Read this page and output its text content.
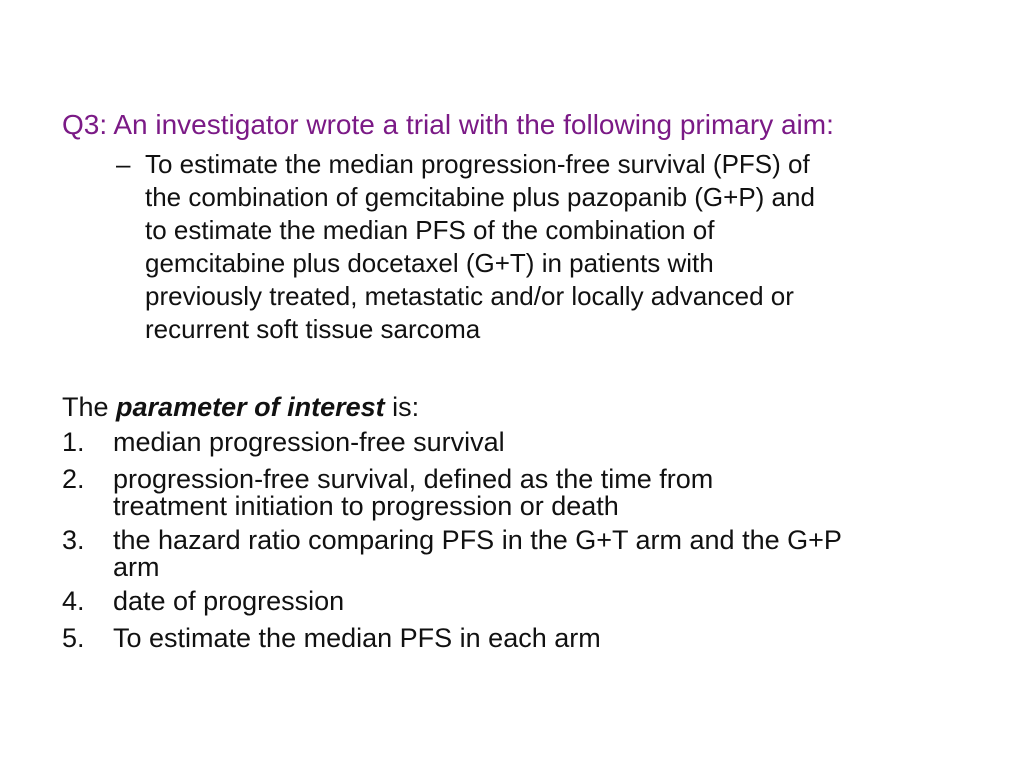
Q3: An investigator wrote a trial with the following primary aim:
– To estimate the median progression-free survival (PFS) of
the combination of gemcitabine plus pazopanib (G+P) and
to estimate the median PFS of the combination of
gemcitabine plus docetaxel (G+T) in patients with
previously treated, metastatic and/or locally advanced or
recurrent soft tissue sarcoma
The parameter of interest is:
1. median progression-free survival
2. progression-free survival, defined as the time from
treatment initiation to progression or death
3. the hazard ratio comparing PFS in the G+T arm and the G+P
arm
4. date of progression
5. To estimate the median PFS in each arm
